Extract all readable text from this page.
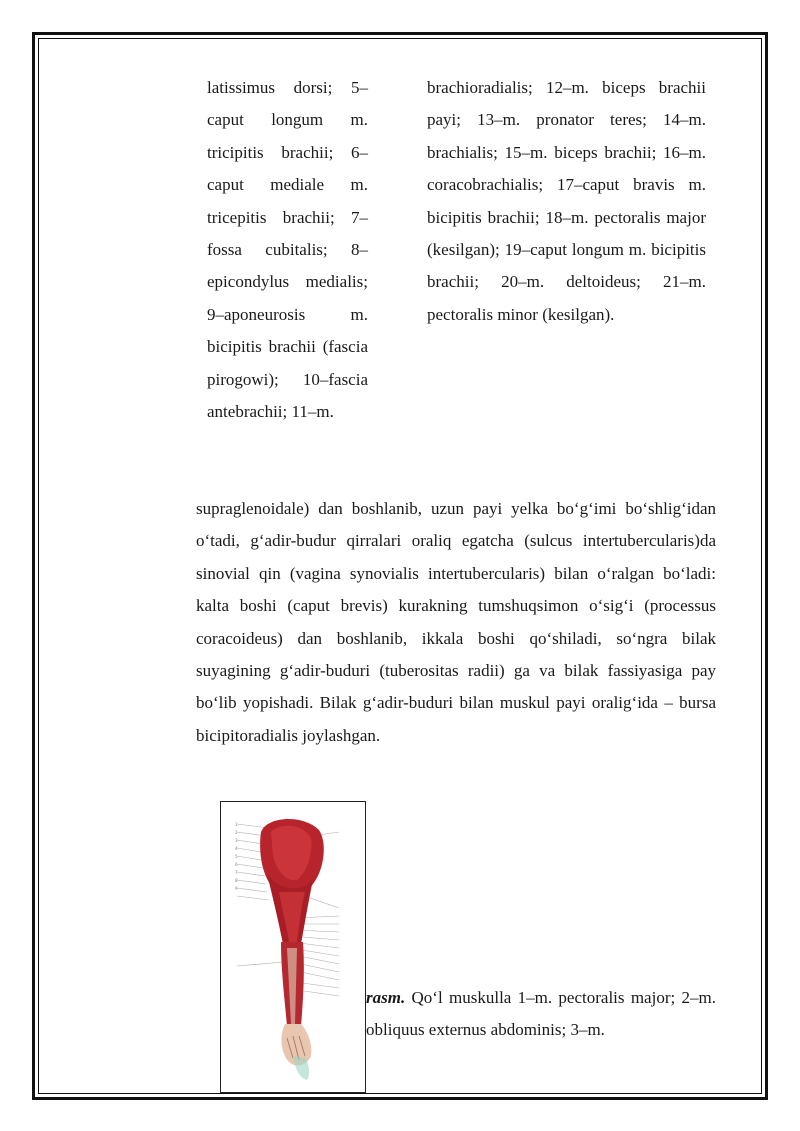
latissimus dorsi; 5–caput longum m. tricipitis brachii; 6–caput mediale m. tricepitis brachii; 7–fossa cubitalis; 8–epicondylus medialis; 9–aponeurosis m. bicipitis brachii (fascia pirogowi); 10–fascia antebrachii; 11–m.
brachioradialis; 12–m. biceps brachii payi; 13–m. pronator teres; 14–m. brachialis; 15–m. biceps brachii; 16–m. coracobrachialis; 17–caput bravis m. bicipitis brachii; 18–m. pectoralis major (kesilgan); 19–caput longum m. bicipitis brachii; 20–m. deltoideus; 21–m. pectoralis minor (kesilgan).
supraglenoidale) dan boshlanib, uzun payi yelka bo‘g‘imi bo‘shlig‘idan o‘tadi, g‘adir-budur qirralari oraliq egatcha (sulcus intertubercularis)da sinovial qin (vagina synovialis intertubercularis) bilan o‘ralgan bo‘ladi: kalta boshi (caput brevis) kurakning tumshuqsimon o‘sig‘i (processus coracoideus) dan boshlanib, ikkala boshi qo‘shiladi, so‘ngra bilak suyagining g‘adir-buduri (tuberositas radii) ga va bilak fassiyasiga pay bo‘lib yopishadi. Bilak g‘adir-buduri bilan muskul payi oralig‘ida – bursa bicipitoradialis joylashgan.
1
2
3
4
5
6
7
8
9
rasm. Qo‘l muskulla 1–m. pectoralis major; 2–m. obliquus externus abdominis; 3–m.
